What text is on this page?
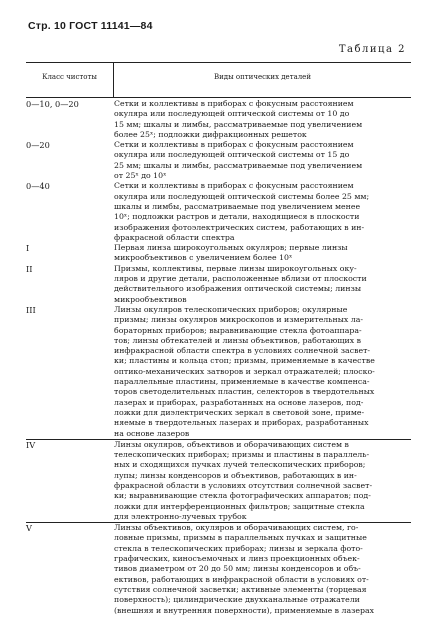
Стр. 10 ГОСТ 11141—84
Таблица 2
Класс чистоты	Виды оптических деталей
0—10, 0—20	Сетки и коллективы в приборах с фокусным расстоянием
окуляра или последующей оптической системы от 10 до
15 мм; шкалы и лимбы, рассматриваемые под увеличением
более 25ˣ; подложки дифракционных решеток
0—20	Сетки и коллективы в приборах с фокусным расстоянием
окуляра или последующей оптической системы от 15 до
25 мм; шкалы и лимбы, рассматриваемые под увеличением
от 25ˣ до 10ˣ
0—40	Сетки и коллективы в приборах с фокусным расстоянием
окуляра или последующей оптической системы более 25 мм;
шкалы и лимбы, рассматриваемые под увеличением менее
10ˣ; подложки растров и детали, находящиеся в плоскости
изображения фотоэлектрических систем, работающих в ин-
фракрасной области спектра
I	Первая линза широкоугольных окуляров; первые линзы
микрообъективов с увеличением более 10ˣ
II	Призмы, коллективы, первые линзы широкоугольных оку-
ляров и другие детали, расположенные вблизи от плоскости
действительного изображения оптической системы; линзы
микрообъективов
III	Линзы окуляров телескопических приборов; окулярные
призмы; линзы окуляров микроскопов и измерительных ла-
бораторных приборов; выравнивающие стекла фотоаппара-
тов; линзы обтекателей и линзы объективов, работающих в
инфракрасной области спектра в условиях солнечной засвет-
ки; пластины и кольца стоп; призмы, применяемые в качестве
оптико-механических затворов и зеркал отражателей; плоско-
параллельные пластины, применяемые в качестве компенса-
торов светоделительных пластин, селекторов в твердотельных
лазерах и приборах, разработанных на основе лазеров, под-
ложки для диэлектрических зеркал в световой зоне, приме-
няемые в твердотельных лазерах и приборах, разработанных
на основе лазеров
IV	Линзы окуляров, объективов и оборачивающих систем в
телескопических приборах; призмы и пластины в параллель-
ных и сходящихся пучках лучей телескопических приборов;
лупы; линзы конденсоров и объективов, работающих в ин-
фракрасной области в условиях отсутствия солнечной засвет-
ки; выравнивающие стекла фотографических аппаратов; под-
ложки для интерференционных фильтров; защитные стекла
для электронно-лучевых трубок
V	Линзы объективов, окуляров и оборачивающих систем, го-
ловные призмы, призмы в параллельных пучках и защитные
стекла в телескопических приборах; линзы и зеркала фото-
графических, киносъемочных и линз проекционных объек-
тивов диаметром от 20 до 50 мм; линзы конденсоров и объ-
ективов, работающих в инфракрасной области в условиях от-
сутствия солнечной засветки; активные элементы (торцевая
поверхность); цилиндрические двухканальные отражатели
(внешняя и внутренняя поверхности), применяемые в лазерах
